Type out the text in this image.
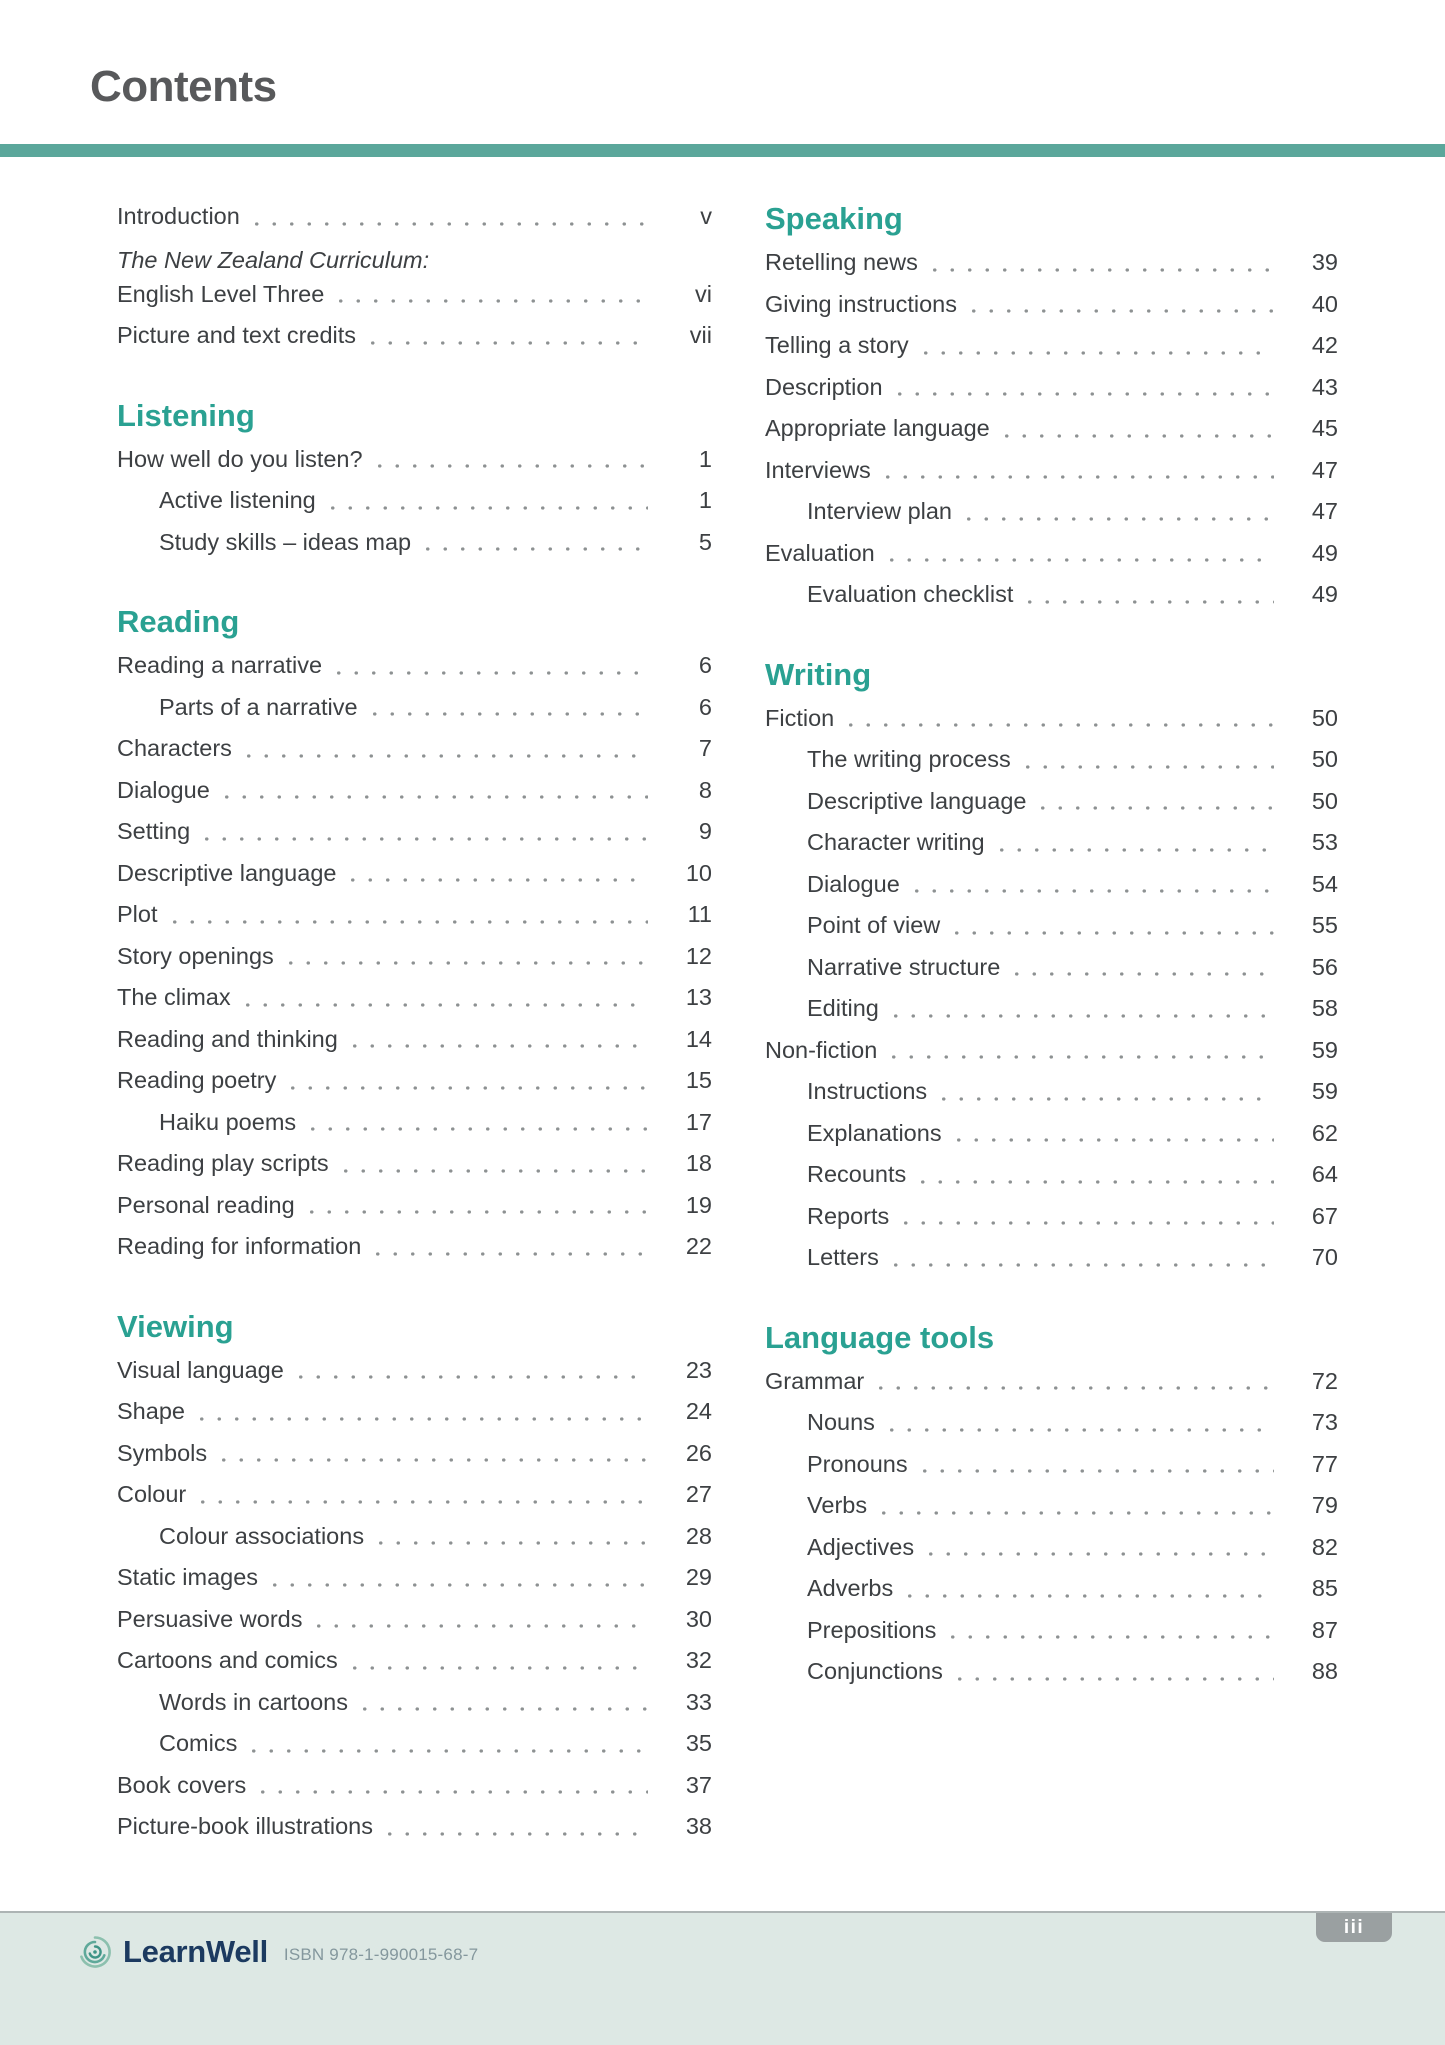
Contents
Introduction	v
The New Zealand Curriculum:
English Level Three	vi
Picture and text credits	vii
Listening
How well do you listen?	1
Active listening	1
Study skills – ideas map	5
Reading
Reading a narrative	6
Parts of a narrative	6
Characters	7
Dialogue	8
Setting	9
Descriptive language	10
Plot	11
Story openings	12
The climax	13
Reading and thinking	14
Reading poetry	15
Haiku poems	17
Reading play scripts	18
Personal reading	19
Reading for information	22
Viewing
Visual language	23
Shape	24
Symbols	26
Colour	27
Colour associations	28
Static images	29
Persuasive words	30
Cartoons and comics	32
Words in cartoons	33
Comics	35
Book covers	37
Picture-book illustrations	38
Speaking
Retelling news	39
Giving instructions	40
Telling a story	42
Description	43
Appropriate language	45
Interviews	47
Interview plan	47
Evaluation	49
Evaluation checklist	49
Writing
Fiction	50
The writing process	50
Descriptive language	50
Character writing	53
Dialogue	54
Point of view	55
Narrative structure	56
Editing	58
Non-fiction	59
Instructions	59
Explanations	62
Recounts	64
Reports	67
Letters	70
Language tools
Grammar	72
Nouns	73
Pronouns	77
Verbs	79
Adjectives	82
Adverbs	85
Prepositions	87
Conjunctions	88
iii
LearnWell ISBN 978-1-990015-68-7
